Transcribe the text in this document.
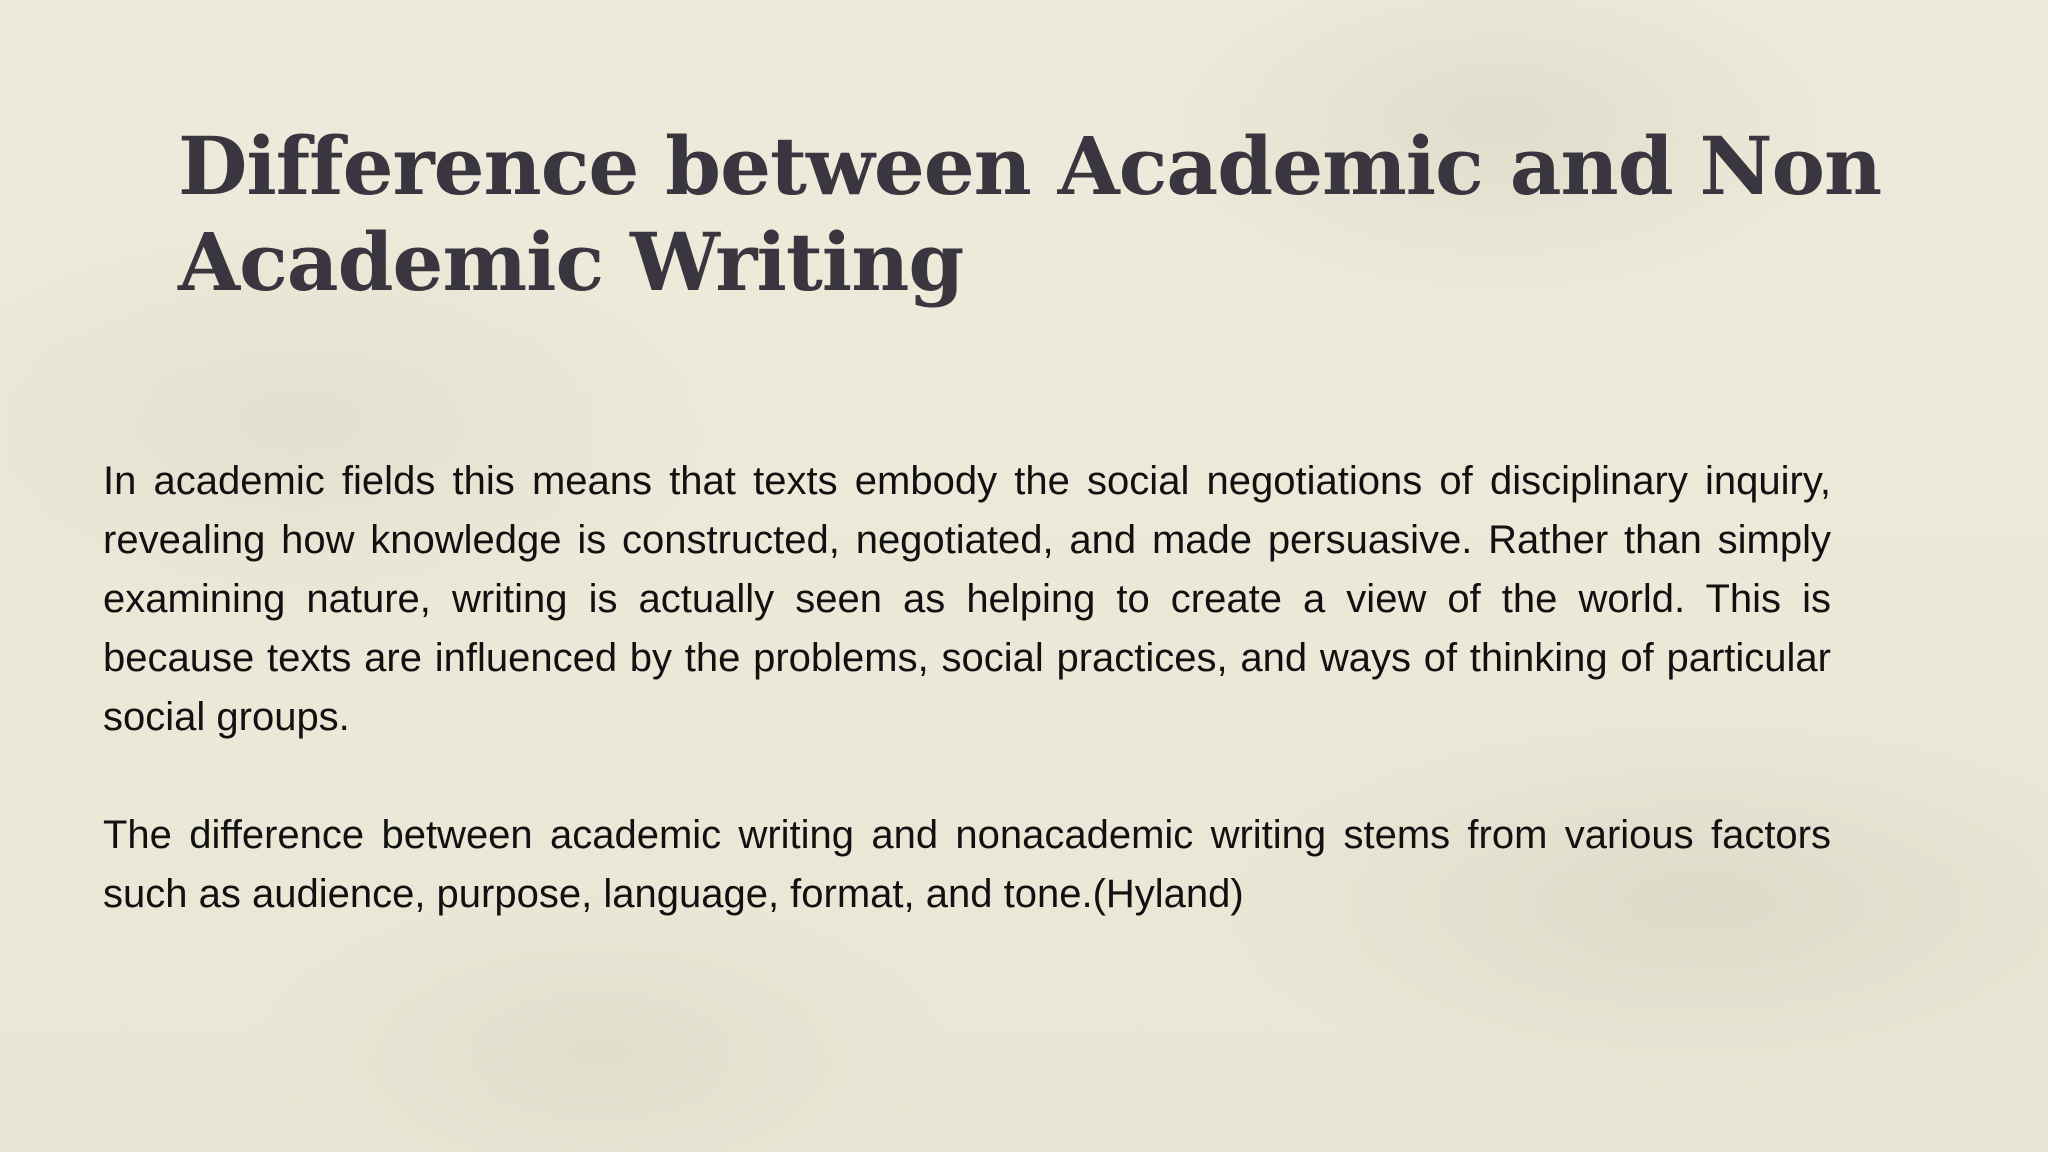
Difference between Academic and Non
Academic Writing

In academic fields this means that texts embody the social negotiations of disciplinary inquiry, revealing how knowledge is constructed, negotiated, and made persuasive. Rather than simply examining nature, writing is actually seen as helping to create a view of the world. This is because texts are influenced by the problems, social practices, and ways of thinking of particular social groups.

The difference between academic writing and nonacademic writing stems from various factors such as audience, purpose, language, format, and tone.(Hyland)
